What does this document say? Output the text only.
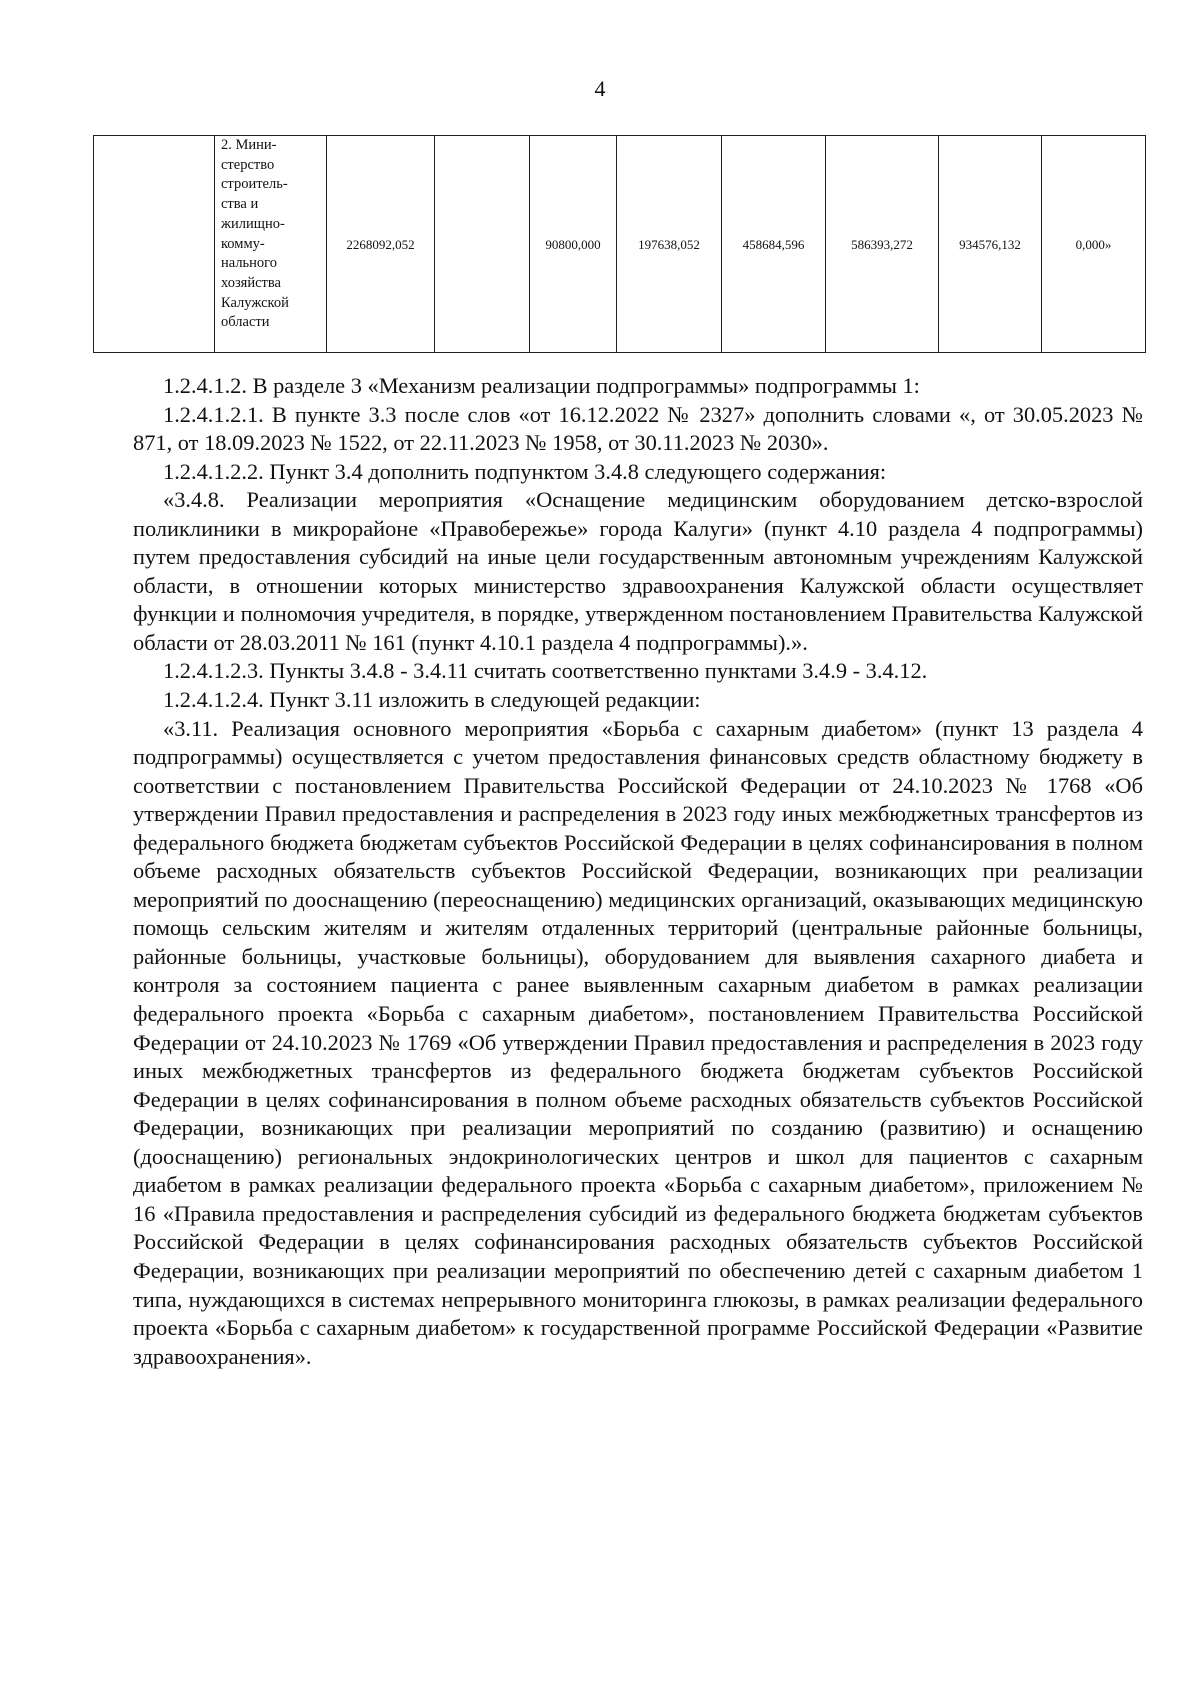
4
	2. Мини-
стерство
строитель-
ства и
жилищно-
комму-
нального
хозяйства
Калужской
области	2268092,052		90800,000	197638,052	458684,596	586393,272	934576,132	0,000»

1.2.4.1.2. В разделе 3 «Механизм реализации подпрограммы» подпрограммы 1:

1.2.4.1.2.1. В пункте 3.3 после слов «от 16.12.2022 № 2327» дополнить словами «, от 30.05.2023 № 871, от 18.09.2023 № 1522, от 22.11.2023 № 1958, от 30.11.2023 № 2030».

1.2.4.1.2.2. Пункт 3.4 дополнить подпунктом 3.4.8 следующего содержания:

«3.4.8. Реализации мероприятия «Оснащение медицинским оборудованием детско-взрослой поликлиники в микрорайоне «Правобережье» города Калуги» (пункт 4.10 раздела 4 подпрограммы) путем предоставления субсидий на иные цели государственным автономным учреждениям Калужской области, в отношении которых министерство здравоохранения Калужской области осуществляет функции и полномочия учредителя, в порядке, утвержденном постановлением Правительства Калужской области от 28.03.2011 № 161 (пункт 4.10.1 раздела 4 подпрограммы).».

1.2.4.1.2.3. Пункты 3.4.8 - 3.4.11 считать соответственно пунктами 3.4.9 - 3.4.12.

1.2.4.1.2.4. Пункт 3.11 изложить в следующей редакции:

«3.11. Реализация основного мероприятия «Борьба с сахарным диабетом» (пункт 13 раздела 4 подпрограммы) осуществляется с учетом предоставления финансовых средств областному бюджету в соответствии с постановлением Правительства Российской Федерации от 24.10.2023 № 1768 «Об утверждении Правил предоставления и распределения в 2023 году иных межбюджетных трансфертов из федерального бюджета бюджетам субъектов Российской Федерации в целях софинансирования в полном объеме расходных обязательств субъектов Российской Федерации, возникающих при реализации мероприятий по дооснащению (переоснащению) медицинских организаций, оказывающих медицинскую помощь сельским жителям и жителям отдаленных территорий (центральные районные больницы, районные больницы, участковые больницы), оборудованием для выявления сахарного диабета и контроля за состоянием пациента с ранее выявленным сахарным диабетом в рамках реализации федерального проекта «Борьба с сахарным диабетом», постановлением Правительства Российской Федерации от 24.10.2023 № 1769 «Об утверждении Правил предоставления и распределения в 2023 году иных межбюджетных трансфертов из федерального бюджета бюджетам субъектов Российской Федерации в целях софинансирования в полном объеме расходных обязательств субъектов Российской Федерации, возникающих при реализации мероприятий по созданию (развитию) и оснащению (дооснащению) региональных эндокринологических центров и школ для пациентов с сахарным диабетом в рамках реализации федерального проекта «Борьба с сахарным диабетом», приложением № 16 «Правила предоставления и распределения субсидий из федерального бюджета бюджетам субъектов Российской Федерации в целях софинансирования расходных обязательств субъектов Российской Федерации, возникающих при реализации мероприятий по обеспечению детей с сахарным диабетом 1 типа, нуждающихся в системах непрерывного мониторинга глюкозы, в рамках реализации федерального проекта «Борьба с сахарным диабетом» к государственной программе Российской Федерации «Развитие здравоохранения».
